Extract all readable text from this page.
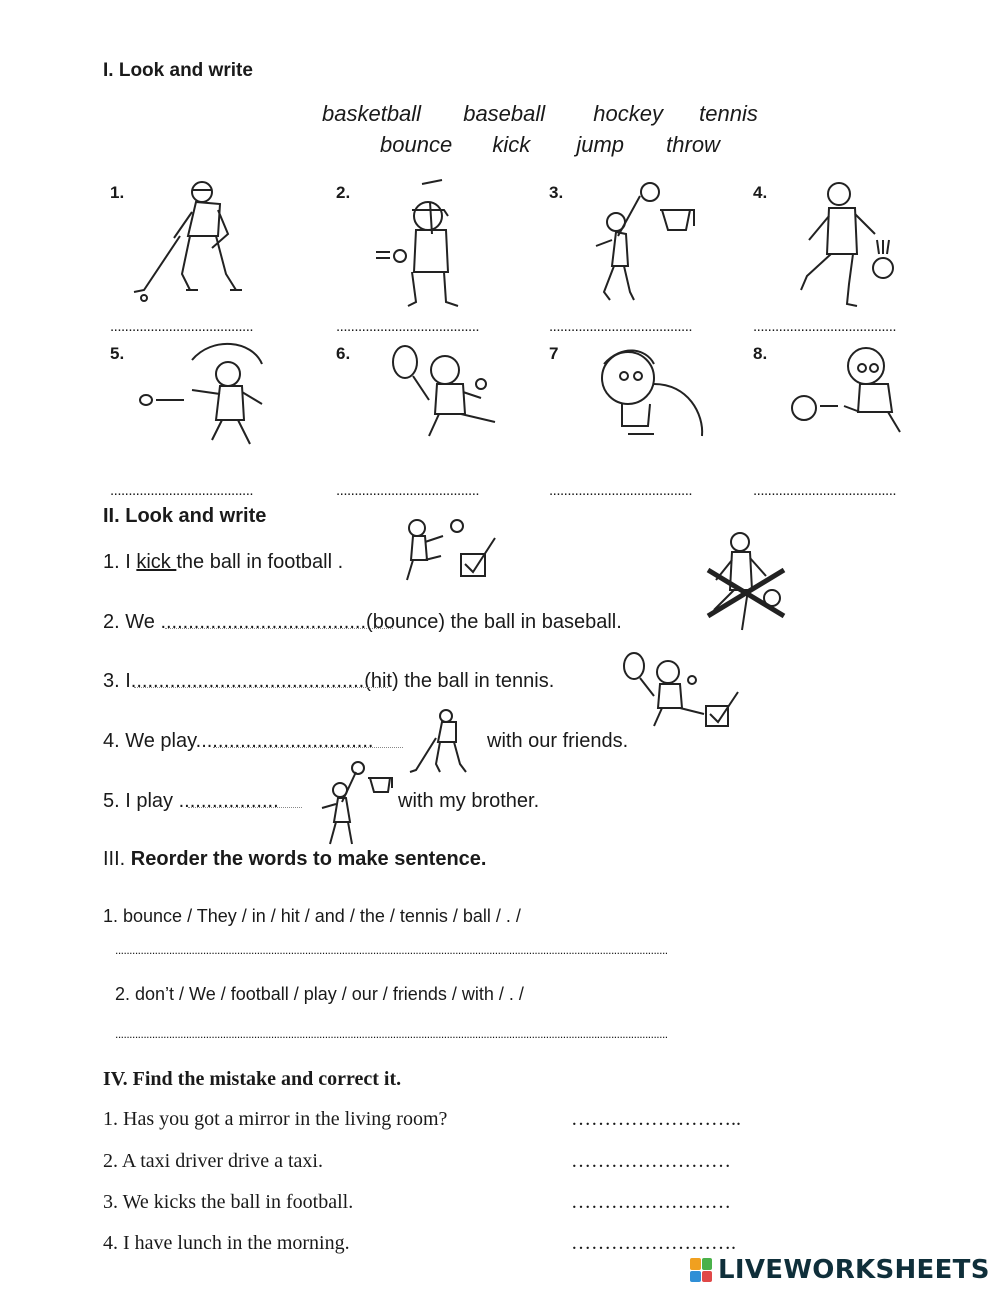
I. Look and write
basketball baseball hockey tennis
bounce kick jump throw
1.	2.	3.	4.
5.	6.	7	8.
.......................................	.......................................	.......................................	.......................................
.......................................	.......................................	.......................................	.......................................
II. Look and write
1. I kick the ball in football .
2. We .....................................(bounce) the ball in baseball.
3. I..........................................(hit) the ball in tennis.
4. We play................................	with our friends.
5. I play ..................	with my brother.
III. Reorder the words to make sentence.
1. bounce / They / in / hit / and / the / tennis / ball / . /
...................................................................................................................................................................................................
2. don’t / We / football / play / our / friends / with / . /
...................................................................................................................................................................................................
IV. Find the mistake and correct it.
1. Has you got a mirror in the living room?	……………………..
2. A taxi driver drive a taxi.	……………………
3. We kicks the ball in football.	……………………
4. I have lunch in the morning.	…………………….
LIVEWORKSHEETS
